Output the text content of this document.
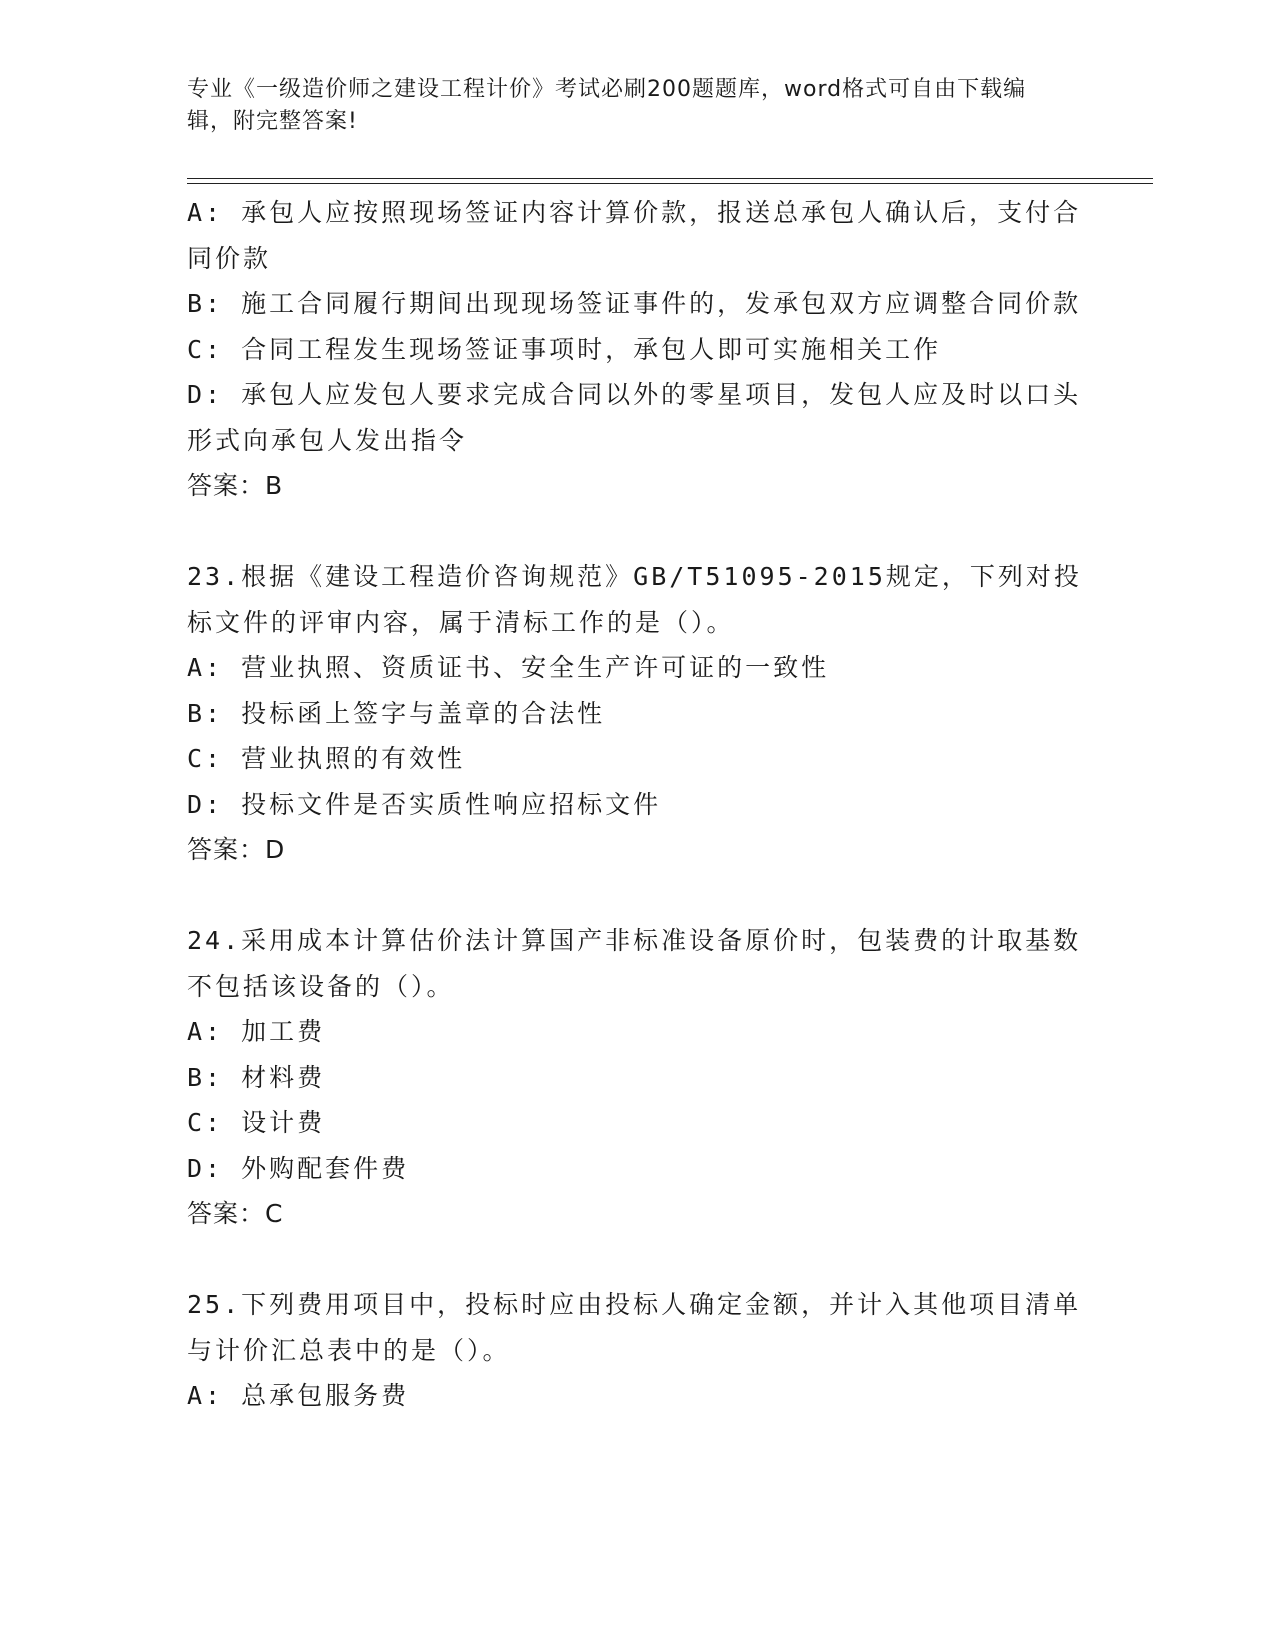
专业《一级造价师之建设工程计价》考试必刷200题题库，word格式可自由下载编辑，附完整答案!

A: 承包人应按照现场签证内容计算价款，报送总承包人确认后，支付合同价款

B: 施工合同履行期间出现现场签证事件的，发承包双方应调整合同价款

C: 合同工程发生现场签证事项时，承包人即可实施相关工作

D: 承包人应发包人要求完成合同以外的零星项目，发包人应及时以口头形式向承包人发出指令

答案：B

23.根据《建设工程造价咨询规范》GB/T51095-2015规定，下列对投标文件的评审内容，属于清标工作的是（）。

A: 营业执照、资质证书、安全生产许可证的一致性

B: 投标函上签字与盖章的合法性

C: 营业执照的有效性

D: 投标文件是否实质性响应招标文件

答案：D

24.采用成本计算估价法计算国产非标准设备原价时，包装费的计取基数不包括该设备的（）。

A: 加工费

B: 材料费

C: 设计费

D: 外购配套件费

答案：C

25.下列费用项目中，投标时应由投标人确定金额，并计入其他项目清单与计价汇总表中的是（）。

A: 总承包服务费
